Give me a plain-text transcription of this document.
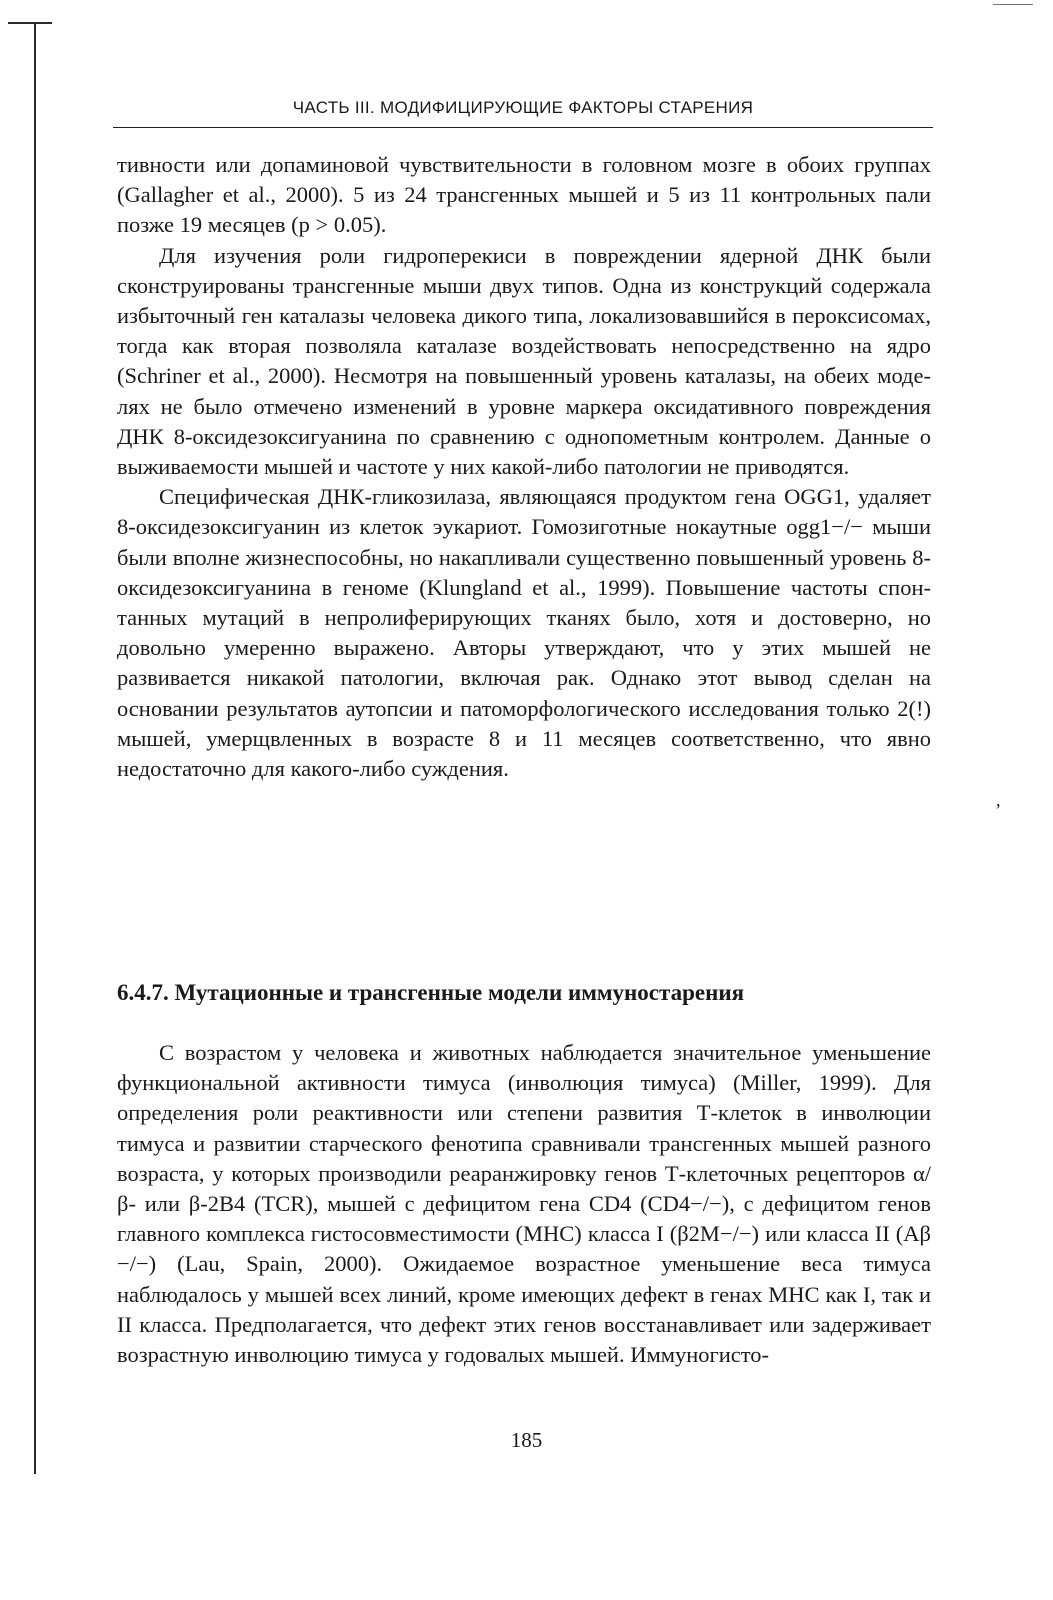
ЧАСТЬ III. МОДИФИЦИРУЮЩИЕ ФАКТОРЫ СТАРЕНИЯ

тивности или допаминовой чувствительности в головном мозге в обоих группах (Gallagher et al., 2000). 5 из 24 трансгенных мышей и 5 из 11 контрольных пали позже 19 месяцев (p > 0.05).

Для изучения роли гидроперекиси в повреждении ядерной ДНК были сконструированы трансгенные мыши двух типов. Одна из конструкций содержала избыточный ген каталазы человека дикого типа, локализовавшийся в пероксисомах, тогда как вторая позволяла каталазе воздействовать непосредственно на ядро (Schriner et al., 2000). Несмотря на повышенный уровень каталазы, на обеих моделях не было отмечено изменений в уровне маркера оксидативного повреждения ДНК 8-оксидезоксигуанина по сравнению с однопометным контролем. Данные о выживаемости мышей и частоте у них какой-либо патологии не приводятся.

Специфическая ДНК-гликозилаза, являющаяся продуктом гена OGG1, удаляет 8-оксидезоксигуанин из клеток эукариот. Гомозиготные нокаутные ogg1−/− мыши были вполне жизнеспособны, но накапливали существенно повышенный уровень 8-оксидезоксигуанина в геноме (Klungland et al., 1999). Повышение частоты спонтанных мутаций в непролиферирующих тканях было, хотя и достоверно, но довольно умеренно выражено. Авторы утверждают, что у этих мышей не развивается никакой патологии, включая рак. Однако этот вывод сделан на основании результатов аутопсии и патоморфологического исследования только 2(!) мышей, умерщвленных в возрасте 8 и 11 месяцев соответственно, что явно недостаточно для какого-либо суждения.

,
6.4.7. Мутационные и трансгенные модели иммуностарения

С возрастом у человека и животных наблюдается значительное уменьшение функциональной активности тимуса (инволюция тимуса) (Miller, 1999). Для определения роли реактивности или степени развития Т-клеток в инволюции тимуса и развитии старческого фенотипа сравнивали трансгенных мышей разного возраста, у которых производили реаранжировку генов Т-клеточных рецепторов α/β- или β-2B4 (TCR), мышей с дефицитом гена CD4 (CD4−/−), с дефицитом генов главного комплекса гистосовместимости (MHC) класса I (β2M−/−) или класса II (Aβ −/−) (Lau, Spain, 2000). Ожидаемое возрастное уменьшение веса тимуса наблюдалось у мышей всех линий, кроме имеющих дефект в генах MHC как I, так и II класса. Предполагается, что дефект этих генов восстанавливает или задерживает возрастную инволюцию тимуса у годовалых мышей. Иммуногисто-

185
